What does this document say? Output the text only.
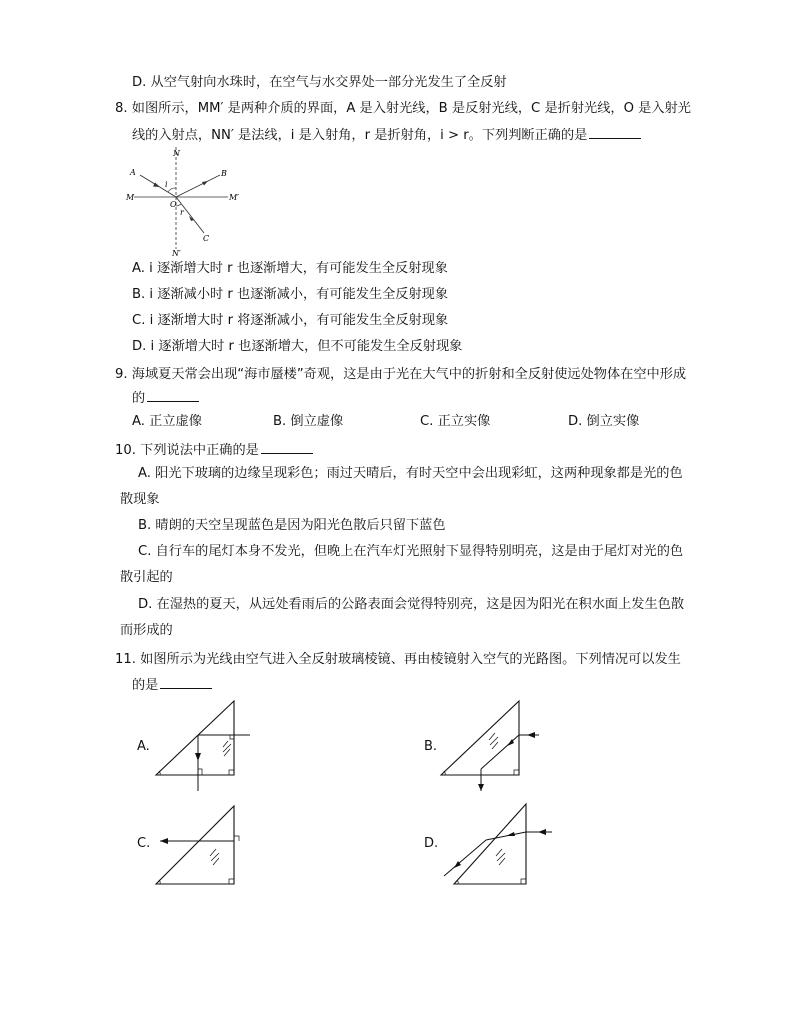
D. 从空气射向水珠时，在空气与水交界处一部分光发生了全反射
8. 如图所示，MM′ 是两种介质的界面，A 是入射光线，B 是反射光线，C 是折射光线，O 是入射光
线的入射点，NN′ 是法线，i 是入射角，r 是折射角，i > r。下列判断正确的是
N
N′
M	M′
A	B
C
O
i
r
A. i 逐渐增大时 r 也逐渐增大，有可能发生全反射现象
B. i 逐渐减小时 r 也逐渐减小，有可能发生全反射现象
C. i 逐渐增大时 r 将逐渐减小，有可能发生全反射现象
D. i 逐渐增大时 r 也逐渐增大，但不可能发生全反射现象
9. 海域夏天常会出现“海市蜃楼”奇观，这是由于光在大气中的折射和全反射使远处物体在空中形成
的
A. 正立虚像	B. 倒立虚像	C. 正立实像	D. 倒立实像
10. 下列说法中正确的是
A. 阳光下玻璃的边缘呈现彩色；雨过天晴后，有时天空中会出现彩虹，这两种现象都是光的色
散现象
B. 晴朗的天空呈现蓝色是因为阳光色散后只留下蓝色
C. 自行车的尾灯本身不发光，但晚上在汽车灯光照射下显得特别明亮，这是由于尾灯对光的色
散引起的
D. 在湿热的夏天，从远处看雨后的公路表面会觉得特别亮，这是因为阳光在积水面上发生色散
而形成的
11. 如图所示为光线由空气进入全反射玻璃棱镜、再由棱镜射入空气的光路图。下列情况可以发生
的是
A.	B.
C.	D.
